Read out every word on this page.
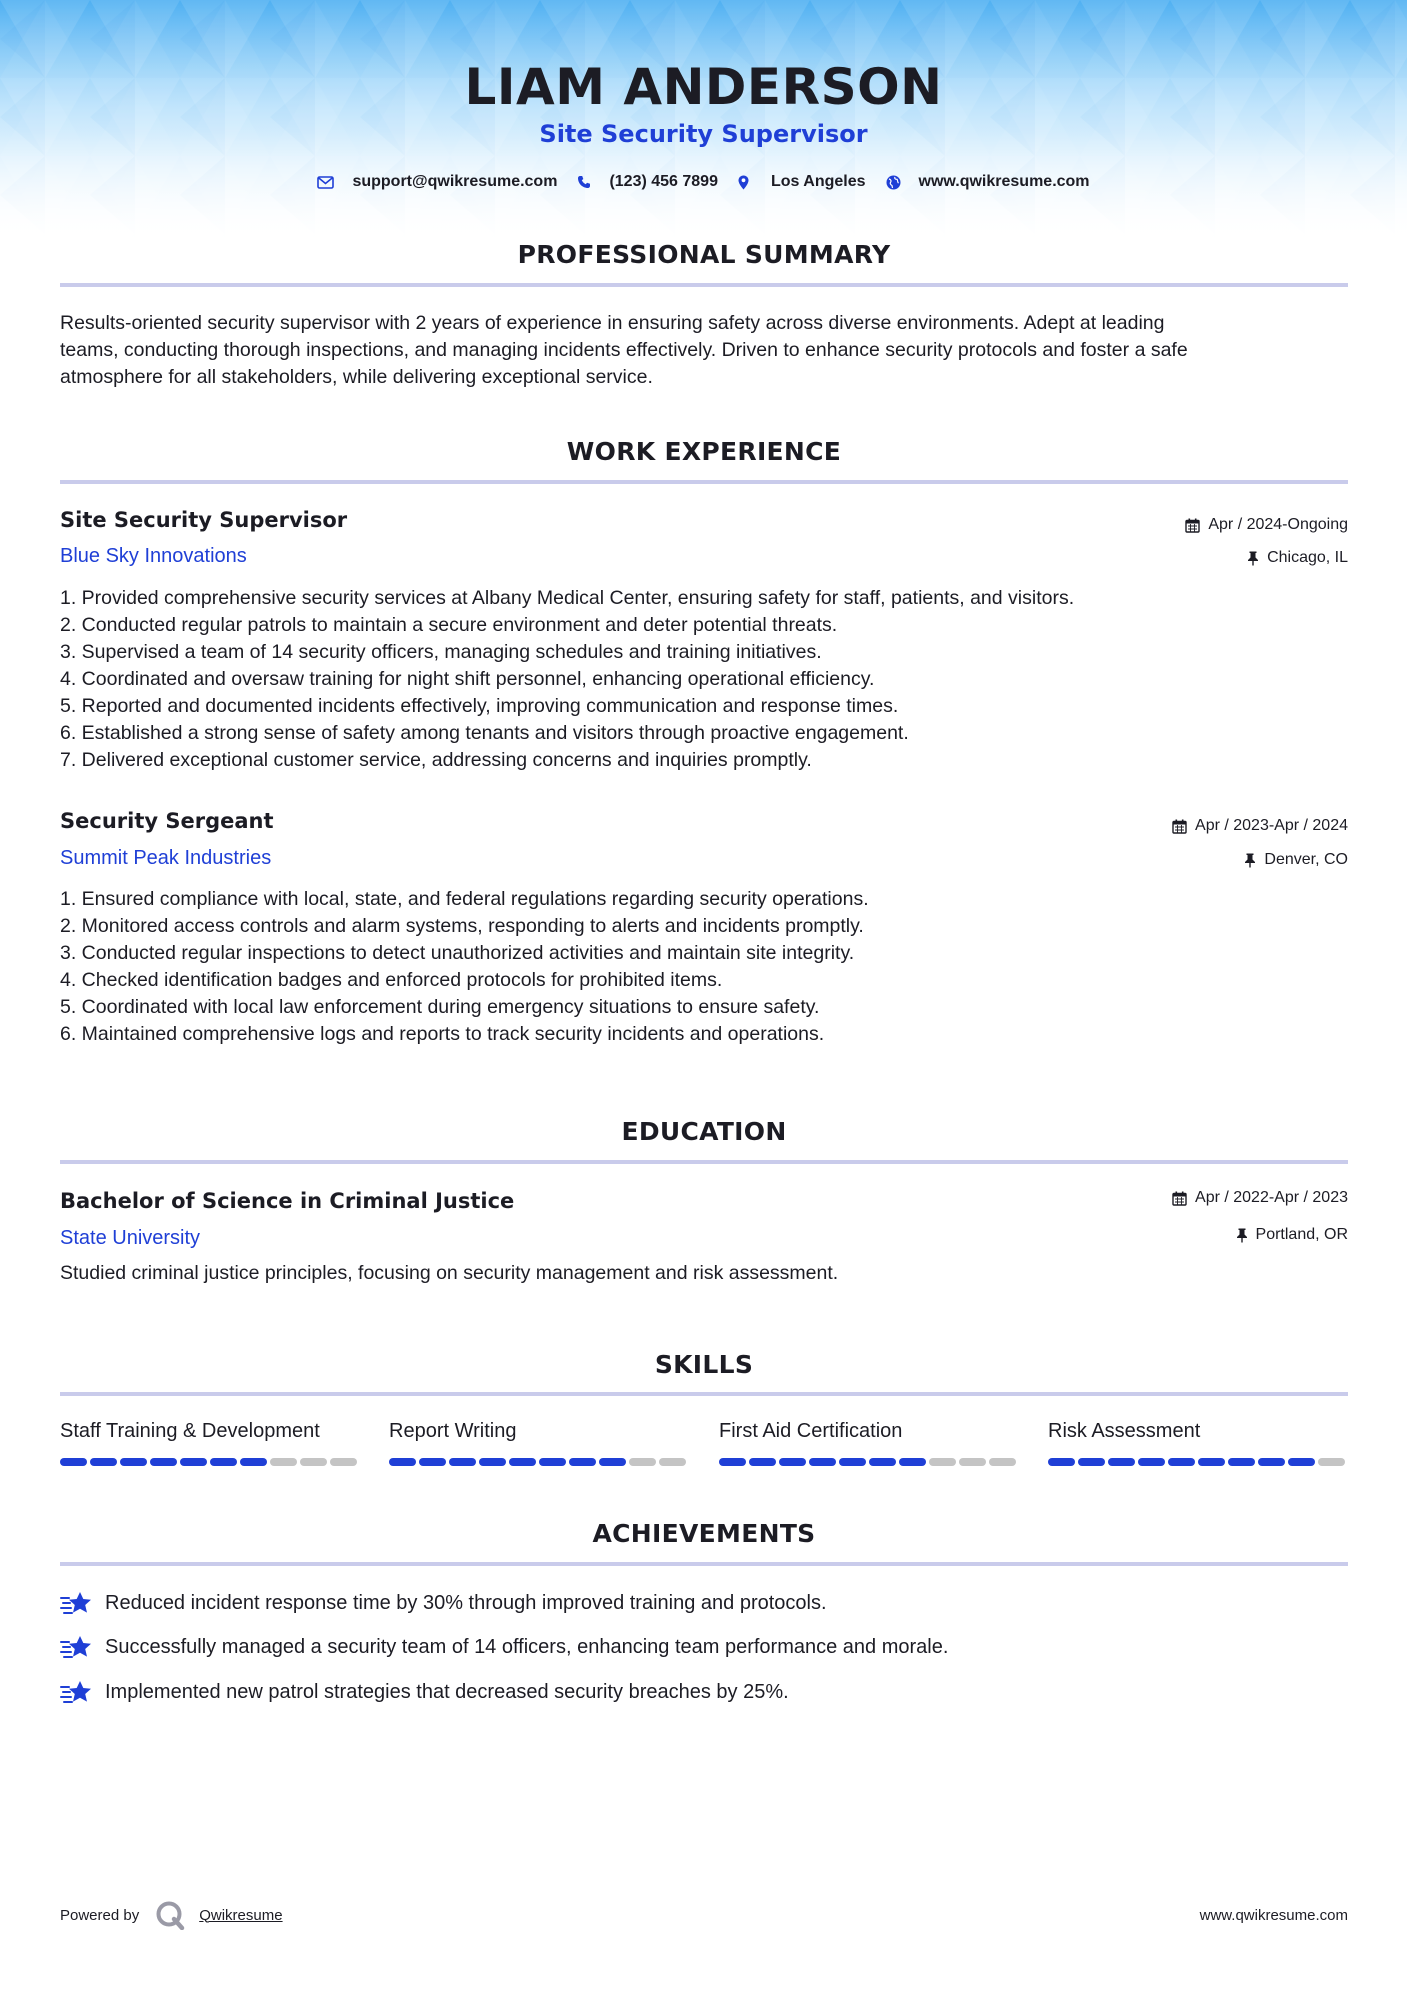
LIAM ANDERSON
Site Security Supervisor
support@qwikresume.com	(123) 456 7899	Los Angeles	www.qwikresume.com
PROFESSIONAL SUMMARY
Results-oriented security supervisor with 2 years of experience in ensuring safety across diverse environments. Adept at leading
teams, conducting thorough inspections, and managing incidents effectively. Driven to enhance security protocols and foster a safe
atmosphere for all stakeholders, while delivering exceptional service.
WORK EXPERIENCE
Site Security Supervisor	Apr / 2024-Ongoing
Blue Sky Innovations	Chicago, IL
1. Provided comprehensive security services at Albany Medical Center, ensuring safety for staff, patients, and visitors.
2. Conducted regular patrols to maintain a secure environment and deter potential threats.
3. Supervised a team of 14 security officers, managing schedules and training initiatives.
4. Coordinated and oversaw training for night shift personnel, enhancing operational efficiency.
5. Reported and documented incidents effectively, improving communication and response times.
6. Established a strong sense of safety among tenants and visitors through proactive engagement.
7. Delivered exceptional customer service, addressing concerns and inquiries promptly.
Security Sergeant	Apr / 2023-Apr / 2024
Summit Peak Industries	Denver, CO
1. Ensured compliance with local, state, and federal regulations regarding security operations.
2. Monitored access controls and alarm systems, responding to alerts and incidents promptly.
3. Conducted regular inspections to detect unauthorized activities and maintain site integrity.
4. Checked identification badges and enforced protocols for prohibited items.
5. Coordinated with local law enforcement during emergency situations to ensure safety.
6. Maintained comprehensive logs and reports to track security incidents and operations.
EDUCATION
Bachelor of Science in Criminal Justice	Apr / 2022-Apr / 2023
State University	Portland, OR
Studied criminal justice principles, focusing on security management and risk assessment.
SKILLS
Staff Training & Development	Report Writing	First Aid Certification	Risk Assessment
ACHIEVEMENTS
Reduced incident response time by 30% through improved training and protocols.
Successfully managed a security team of 14 officers, enhancing team performance and morale.
Implemented new patrol strategies that decreased security breaches by 25%.
Powered by	Qwikresume	www.qwikresume.com
